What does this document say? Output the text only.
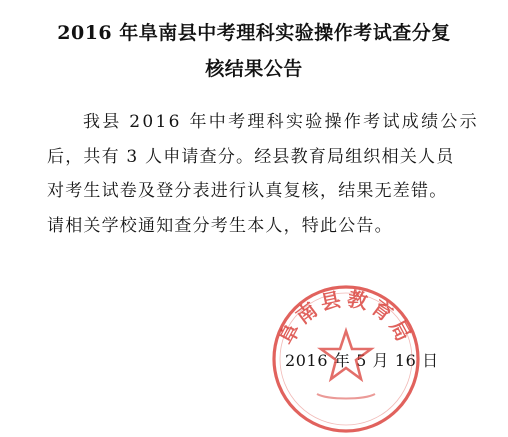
2016 年阜南县中考理科实验操作考试查分复
核结果公告
我县 2016 年中考理科实验操作考试成绩公示
后，共有 3 人申请查分。经县教育局组织相关人员
对考生试卷及登分表进行认真复核，结果无差错。
请相关学校通知查分考生本人，特此公告。
2016 年 5 月 16 日
阜南县教育局
